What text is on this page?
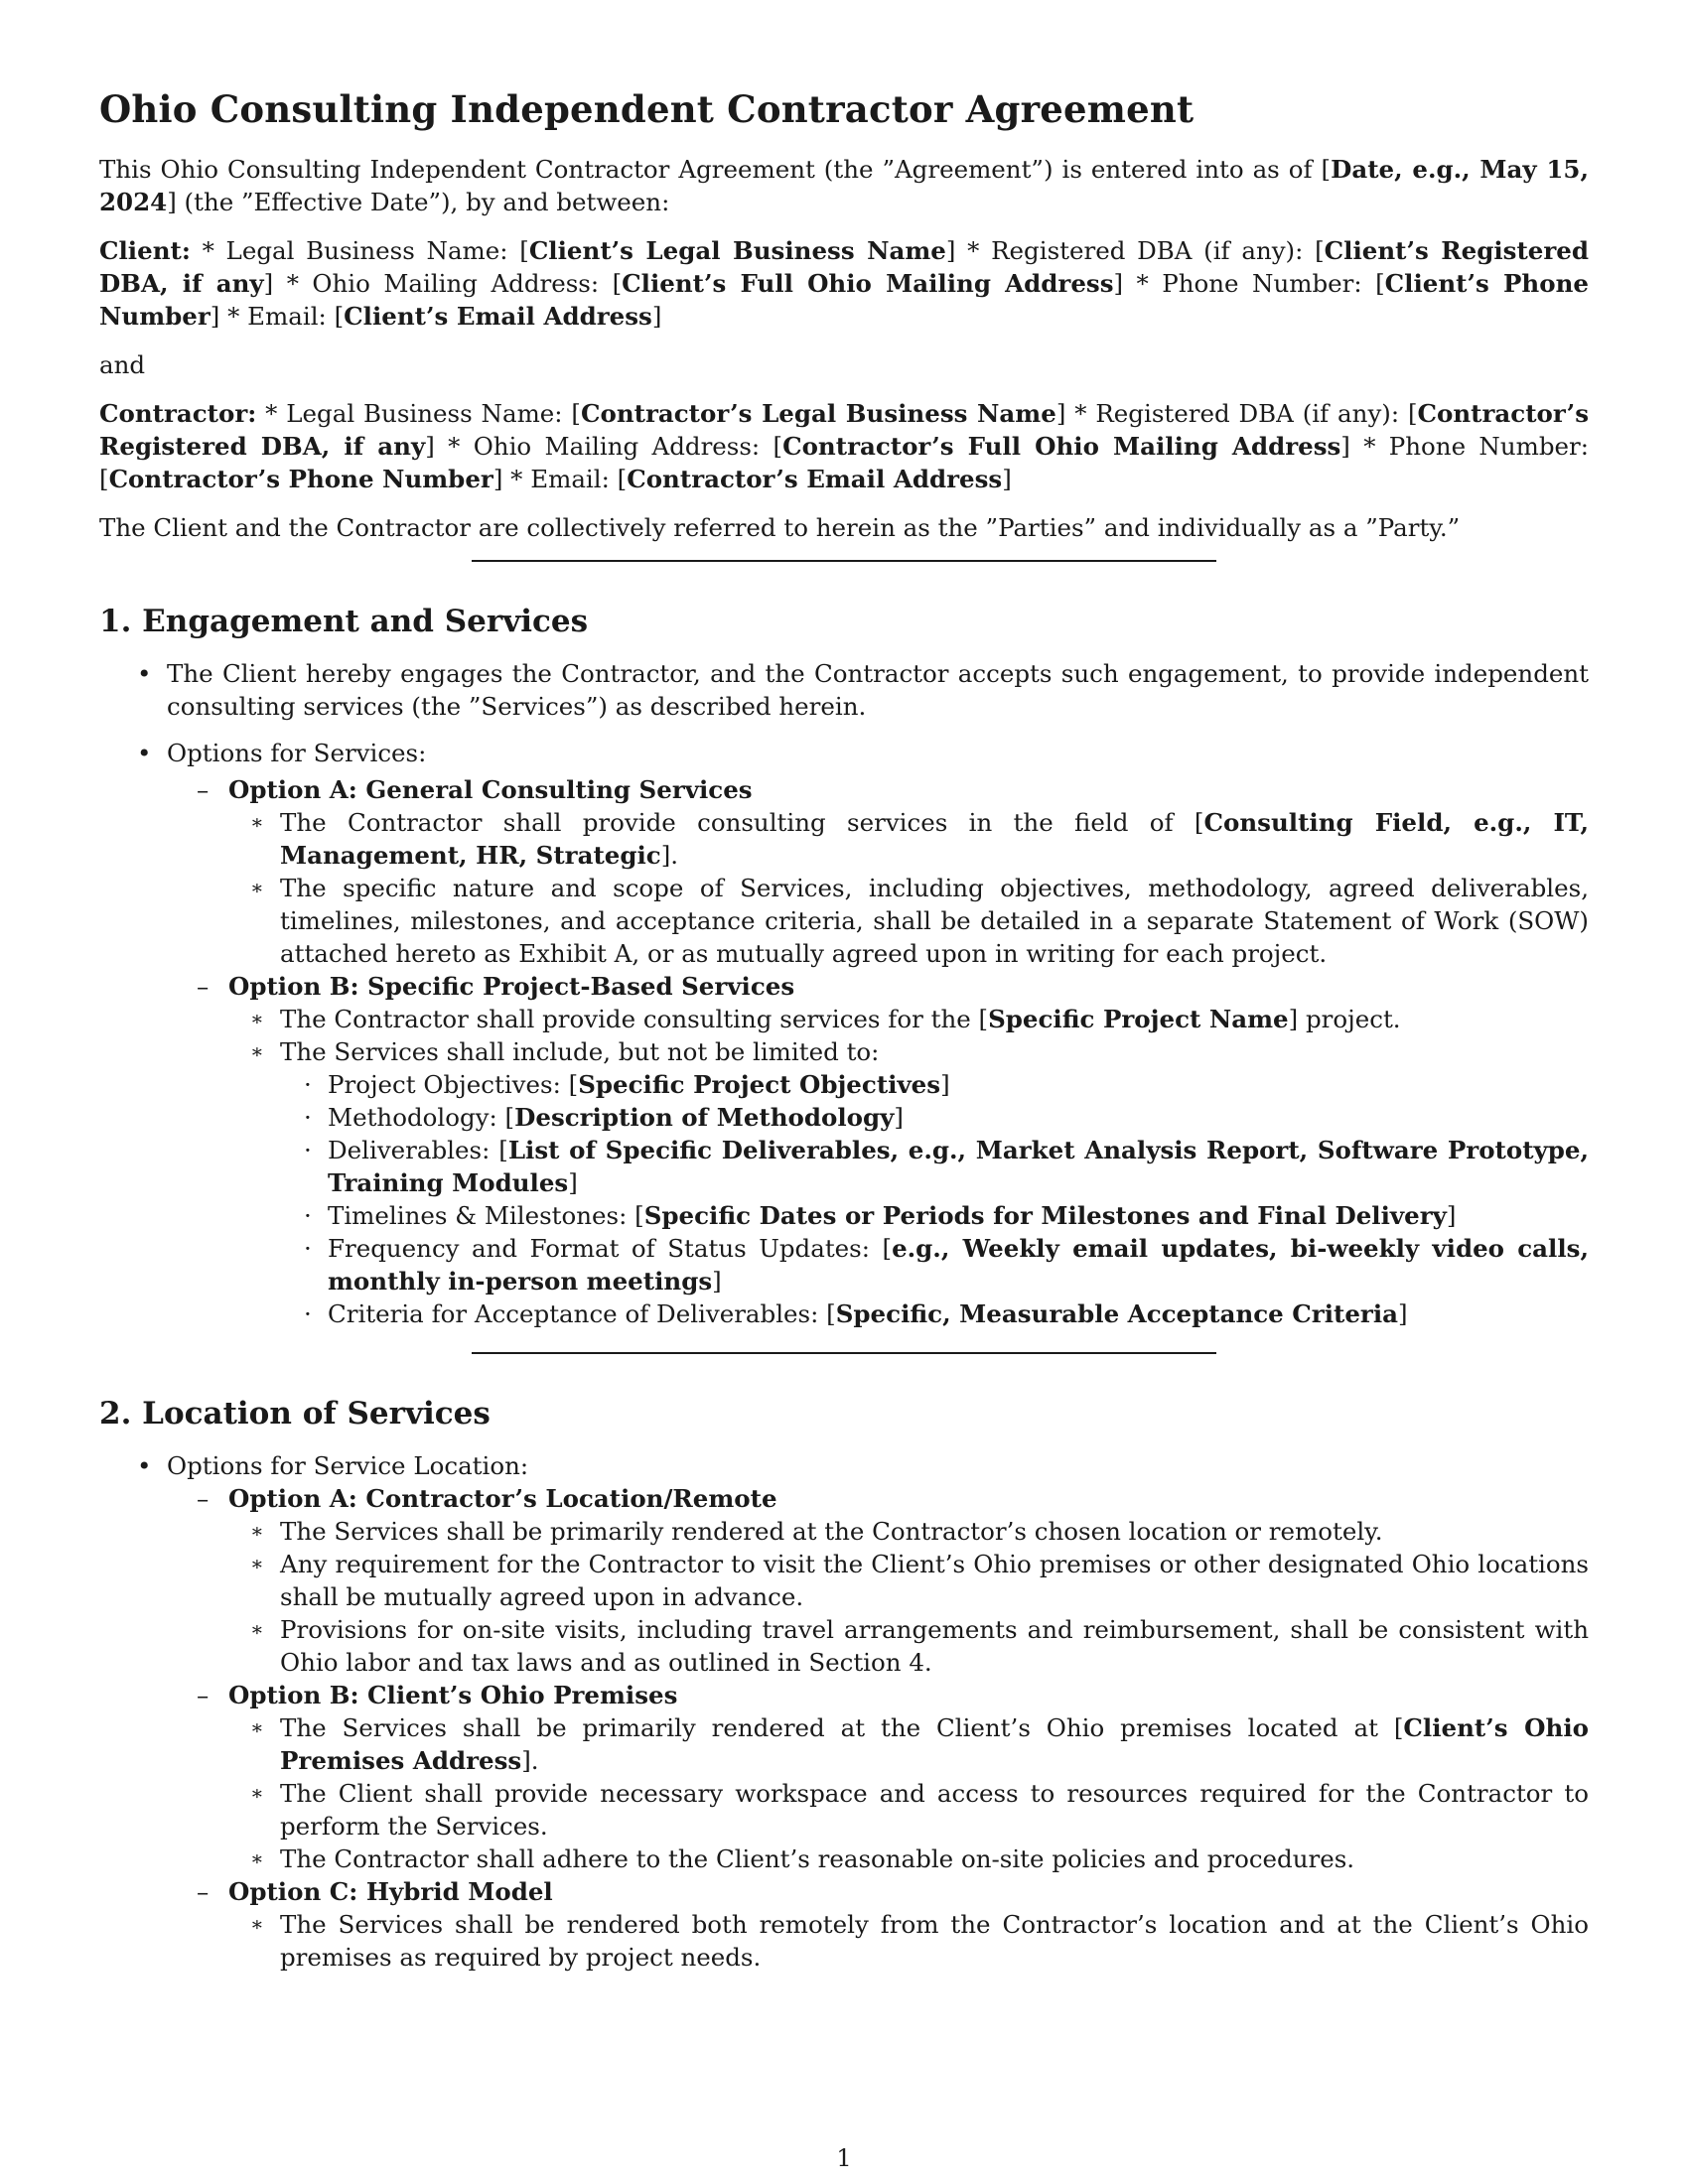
Ohio Consulting Independent Contractor Agreement

This Ohio Consulting Independent Contractor Agreement (the ”Agreement”) is entered into as of [Date, e.g., May 15, 2024] (the ”Effective Date”), by and between:

Client: * Legal Business Name: [Client’s Legal Business Name] * Registered DBA (if any): [Client’s Registered DBA, if any] * Ohio Mailing Address: [Client’s Full Ohio Mailing Address] * Phone Number: [Client’s Phone Number] * Email: [Client’s Email Address]

and

Contractor: * Legal Business Name: [Contractor’s Legal Business Name] * Registered DBA (if any): [Contractor’s Registered DBA, if any] * Ohio Mailing Address: [Contractor’s Full Ohio Mailing Address] * Phone Number: [Contractor’s Phone Number] * Email: [Contractor’s Email Address]

The Client and the Contractor are collectively referred to herein as the ”Parties” and individually as a ”Party.”

1. Engagement and Services
• The Client hereby engages the Contractor, and the Contractor accepts such engagement, to provide independent consulting services (the ”Services”) as described herein.
• Options for Services:
– Option A: General Consulting Services
∗ The Contractor shall provide consulting services in the field of [Consulting Field, e.g., IT, Management, HR, Strategic].
∗ The specific nature and scope of Services, including objectives, methodology, agreed deliverables, timelines, milestones, and acceptance criteria, shall be detailed in a separate Statement of Work (SOW) attached hereto as Exhibit A, or as mutually agreed upon in writing for each project.
– Option B: Specific Project-Based Services
∗ The Contractor shall provide consulting services for the [Specific Project Name] project.
∗ The Services shall include, but not be limited to:
· Project Objectives: [Specific Project Objectives]
· Methodology: [Description of Methodology]
· Deliverables: [List of Specific Deliverables, e.g., Market Analysis Report, Software Prototype, Training Modules]
· Timelines & Milestones: [Specific Dates or Periods for Milestones and Final Delivery]
· Frequency and Format of Status Updates: [e.g., Weekly email updates, bi-weekly video calls, monthly in-person meetings]
· Criteria for Acceptance of Deliverables: [Specific, Measurable Acceptance Criteria]
2. Location of Services
• Options for Service Location:
– Option A: Contractor’s Location/Remote
∗ The Services shall be primarily rendered at the Contractor’s chosen location or remotely.
∗ Any requirement for the Contractor to visit the Client’s Ohio premises or other designated Ohio locations shall be mutually agreed upon in advance.
∗ Provisions for on-site visits, including travel arrangements and reimbursement, shall be consistent with Ohio labor and tax laws and as outlined in Section 4.
– Option B: Client’s Ohio Premises
∗ The Services shall be primarily rendered at the Client’s Ohio premises located at [Client’s Ohio Premises Address].
∗ The Client shall provide necessary workspace and access to resources required for the Contractor to perform the Services.
∗ The Contractor shall adhere to the Client’s reasonable on-site policies and procedures.
– Option C: Hybrid Model
∗ The Services shall be rendered both remotely from the Contractor’s location and at the Client’s Ohio premises as required by project needs.
1
